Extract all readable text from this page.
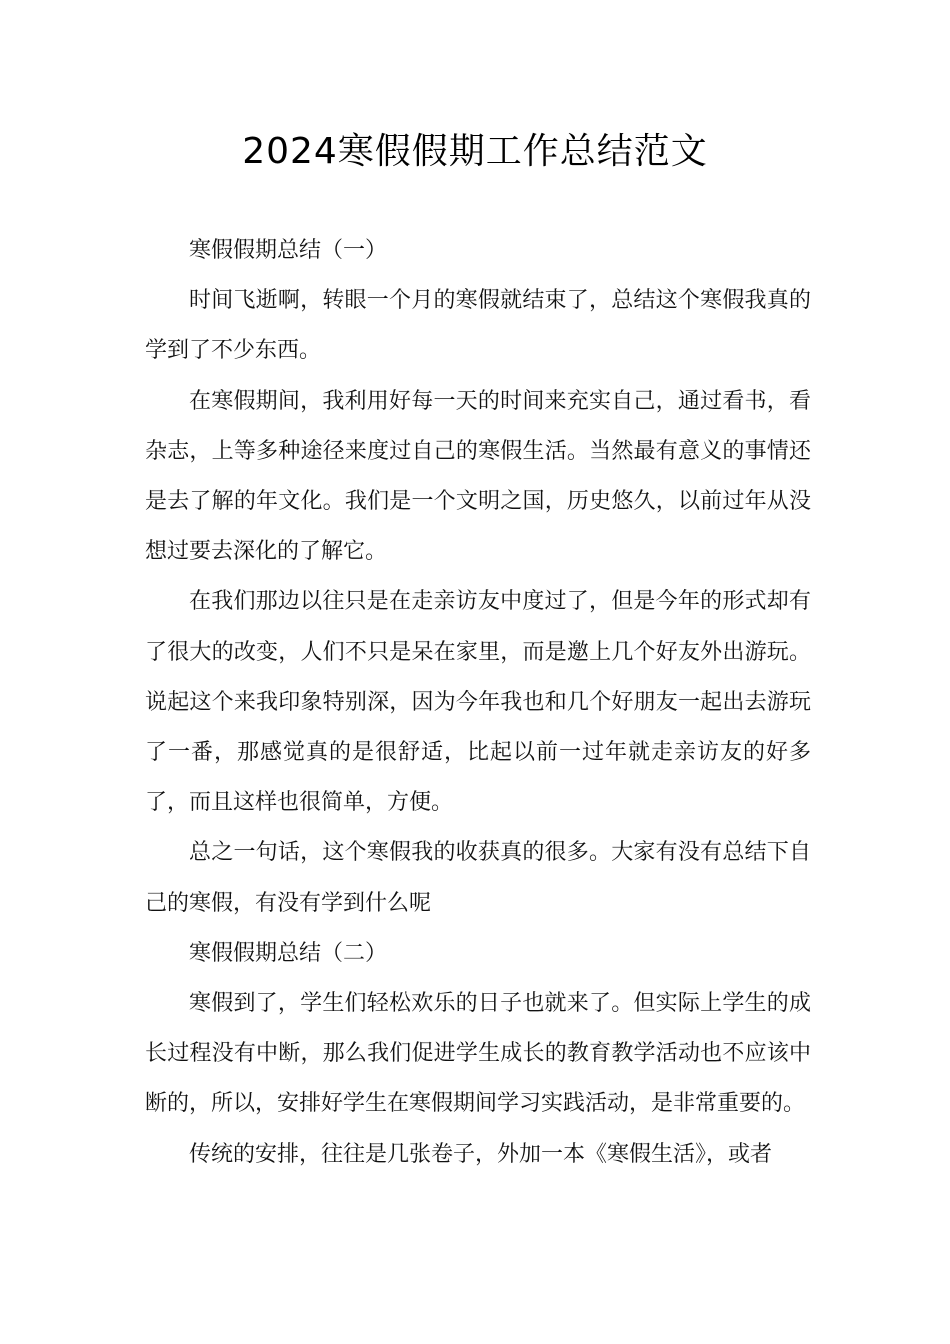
2024寒假假期工作总结范文

寒假假期总结（一）

时间飞逝啊，转眼一个月的寒假就结束了，总结这个寒假我真的学到了不少东西。

在寒假期间，我利用好每一天的时间来充实自己，通过看书，看杂志，上等多种途径来度过自己的寒假生活。当然最有意义的事情还是去了解的年文化。我们是一个文明之国，历史悠久，以前过年从没想过要去深化的了解它。

在我们那边以往只是在走亲访友中度过了，但是今年的形式却有了很大的改变，人们不只是呆在家里，而是邀上几个好友外出游玩。说起这个来我印象特别深，因为今年我也和几个好朋友一起出去游玩了一番，那感觉真的是很舒适，比起以前一过年就走亲访友的好多了，而且这样也很简单，方便。

总之一句话，这个寒假我的收获真的很多。大家有没有总结下自己的寒假，有没有学到什么呢

寒假假期总结（二）

寒假到了，学生们轻松欢乐的日子也就来了。但实际上学生的成长过程没有中断，那么我们促进学生成长的教育教学活动也不应该中断的，所以，安排好学生在寒假期间学习实践活动，是非常重要的。

传统的安排，往往是几张卷子，外加一本《寒假生活》，或者
